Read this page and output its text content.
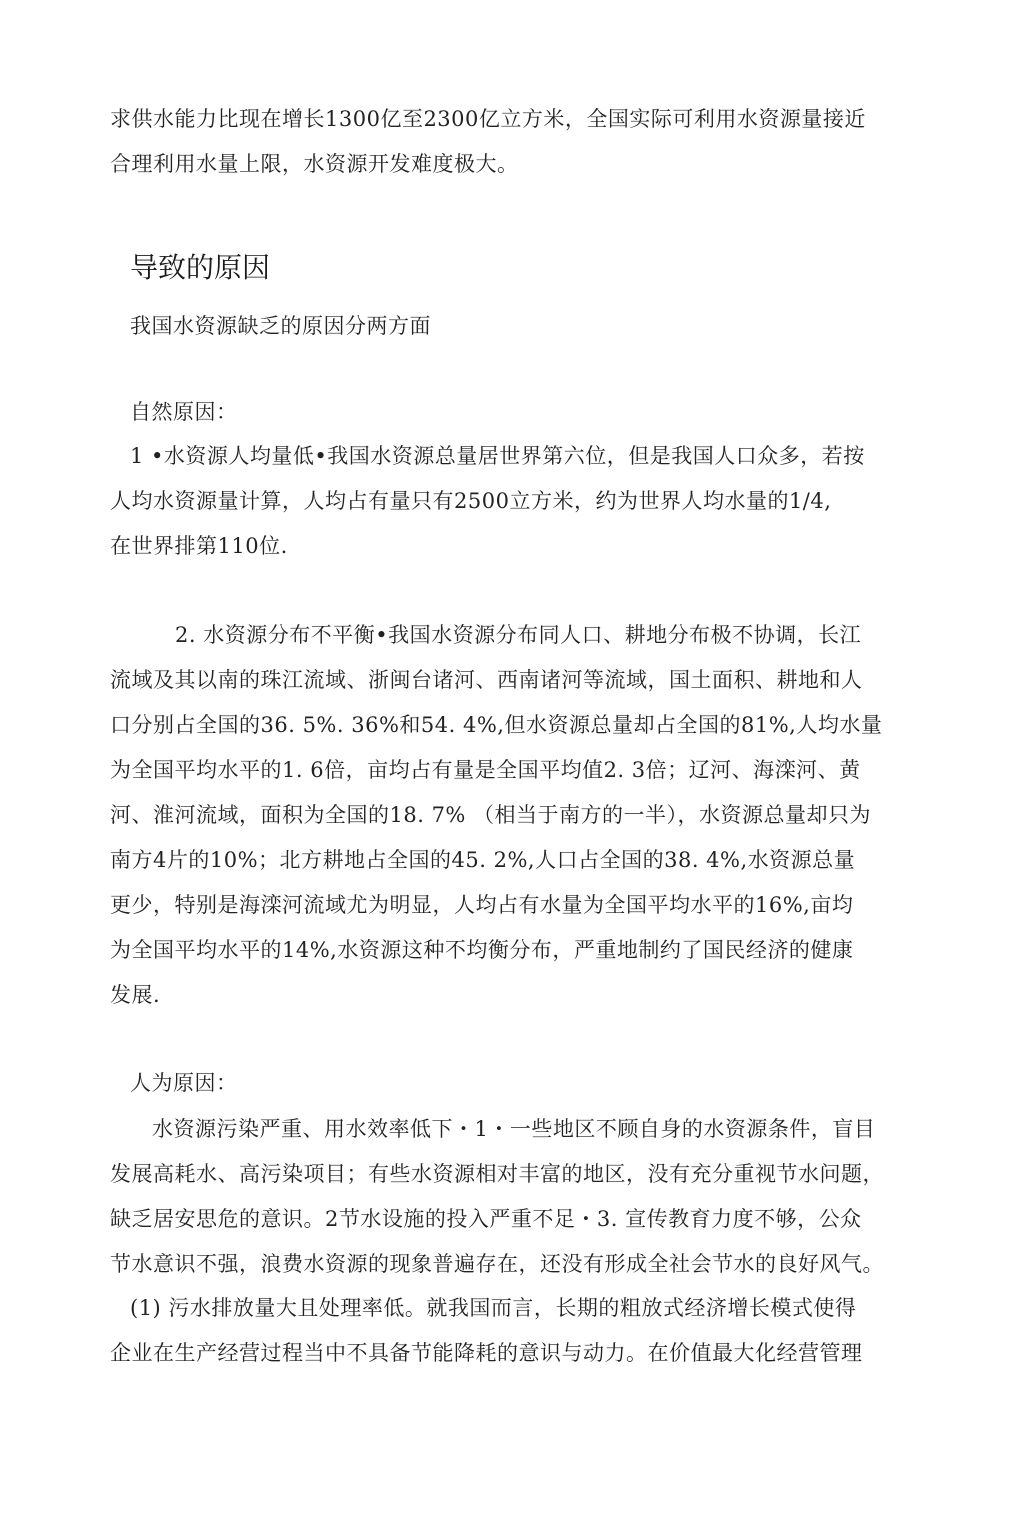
求供水能力比现在增长1300亿至2300亿立方米，全国实际可利用水资源量接近
合理利用水量上限，水资源开发难度极大。
导致的原因
我国水资源缺乏的原因分两方面
自然原因：
1 •水资源人均量低•我国水资源总量居世界第六位，但是我国人口众多，若按
人均水资源量计算，人均占有量只有2500立方米，约为世界人均水量的1/4,
在世界排第110位.
2. 水资源分布不平衡•我国水资源分布同人口、耕地分布极不协调，长江
流域及其以南的珠江流域、浙闽台诸河、西南诸河等流域，国土面积、耕地和人
口分别占全国的36. 5%. 36%和54. 4%,但水资源总量却占全国的81%,人均水量
为全国平均水平的1. 6倍，亩均占有量是全国平均值2. 3倍；辽河、海滦河、黄
河、淮河流域，面积为全国的18. 7% （相当于南方的一半），水资源总量却只为
南方4片的10%；北方耕地占全国的45. 2%,人口占全国的38. 4%,水资源总量
更少，特别是海滦河流域尤为明显，人均占有水量为全国平均水平的16%,亩均
为全国平均水平的14%,水资源这种不均衡分布，严重地制约了国民经济的健康
发展.
人为原因：
水资源污染严重、用水效率低下・1・一些地区不顾自身的水资源条件，盲目
发展高耗水、高污染项目；有些水资源相对丰富的地区，没有充分重视节水问题，
缺乏居安思危的意识。2节水设施的投入严重不足・3. 宣传教育力度不够，公众
节水意识不强，浪费水资源的现象普遍存在，还没有形成全社会节水的良好风气。
(1) 污水排放量大且处理率低。就我国而言，长期的粗放式经济增长模式使得
企业在生产经营过程当中不具备节能降耗的意识与动力。在价值最大化经营管理
